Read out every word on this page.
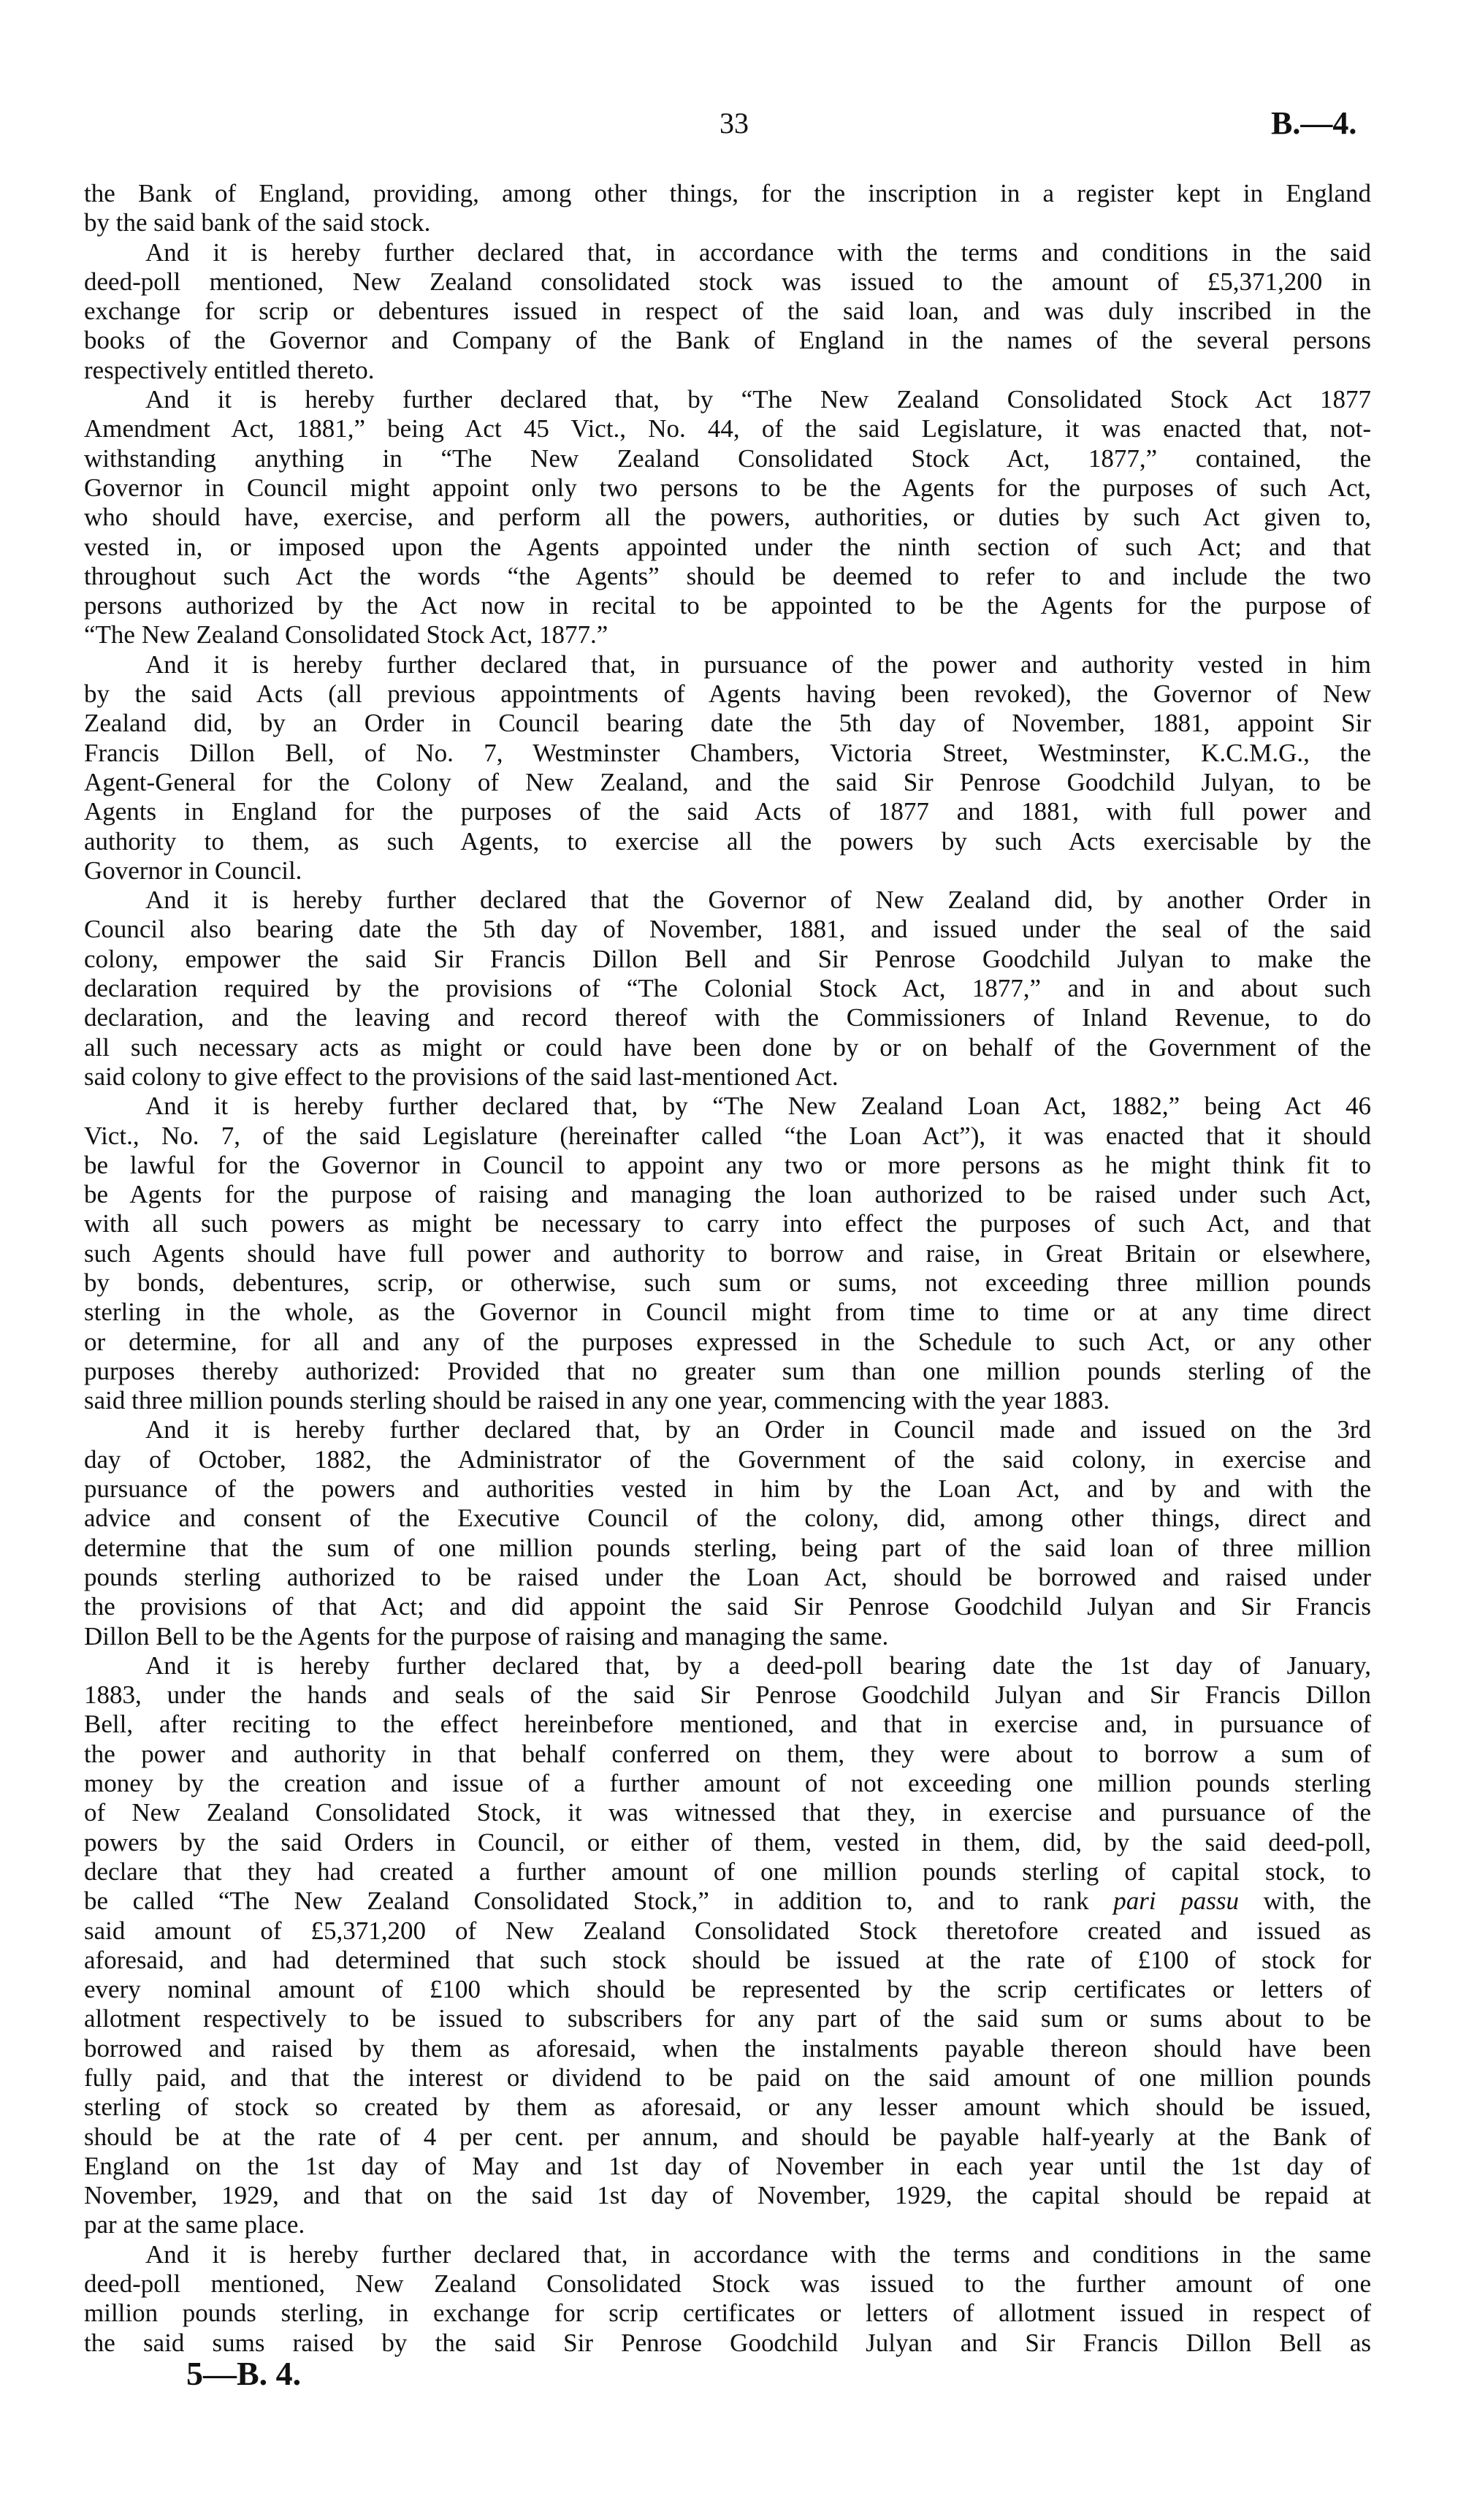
33	B.—4.
the Bank of England, providing, among other things, for the inscription in a register kept in England
by the said bank of the said stock.
And it is hereby further declared that, in accordance with the terms and conditions in the said
deed-poll mentioned, New Zealand consolidated stock was issued to the amount of £5,371,200 in
exchange for scrip or debentures issued in respect of the said loan, and was duly inscribed in the
books of the Governor and Company of the Bank of England in the names of the several persons
respectively entitled thereto.
And it is hereby further declared that, by “The New Zealand Consolidated Stock Act 1877
Amendment Act, 1881,” being Act 45 Vict., No. 44, of the said Legislature, it was enacted that, not-
withstanding anything in “The New Zealand Consolidated Stock Act, 1877,” contained, the
Governor in Council might appoint only two persons to be the Agents for the purposes of such Act,
who should have, exercise, and perform all the powers, authorities, or duties by such Act given to,
vested in, or imposed upon the Agents appointed under the ninth section of such Act; and that
throughout such Act the words “the Agents” should be deemed to refer to and include the two
persons authorized by the Act now in recital to be appointed to be the Agents for the purpose of
“The New Zealand Consolidated Stock Act, 1877.”
And it is hereby further declared that, in pursuance of the power and authority vested in him
by the said Acts (all previous appointments of Agents having been revoked), the Governor of New
Zealand did, by an Order in Council bearing date the 5th day of November, 1881, appoint Sir
Francis Dillon Bell, of No. 7, Westminster Chambers, Victoria Street, Westminster, K.C.M.G., the
Agent-General for the Colony of New Zealand, and the said Sir Penrose Goodchild Julyan, to be
Agents in England for the purposes of the said Acts of 1877 and 1881, with full power and
authority to them, as such Agents, to exercise all the powers by such Acts exercisable by the
Governor in Council.
And it is hereby further declared that the Governor of New Zealand did, by another Order in
Council also bearing date the 5th day of November, 1881, and issued under the seal of the said
colony, empower the said Sir Francis Dillon Bell and Sir Penrose Goodchild Julyan to make the
declaration required by the provisions of “The Colonial Stock Act, 1877,” and in and about such
declaration, and the leaving and record thereof with the Commissioners of Inland Revenue, to do
all such necessary acts as might or could have been done by or on behalf of the Government of the
said colony to give effect to the provisions of the said last-mentioned Act.
And it is hereby further declared that, by “The New Zealand Loan Act, 1882,” being Act 46
Vict., No. 7, of the said Legislature (hereinafter called “the Loan Act”), it was enacted that it should
be lawful for the Governor in Council to appoint any two or more persons as he might think fit to
be Agents for the purpose of raising and managing the loan authorized to be raised under such Act,
with all such powers as might be necessary to carry into effect the purposes of such Act, and that
such Agents should have full power and authority to borrow and raise, in Great Britain or elsewhere,
by bonds, debentures, scrip, or otherwise, such sum or sums, not exceeding three million pounds
sterling in the whole, as the Governor in Council might from time to time or at any time direct
or determine, for all and any of the purposes expressed in the Schedule to such Act, or any other
purposes thereby authorized: Provided that no greater sum than one million pounds sterling of the
said three million pounds sterling should be raised in any one year, commencing with the year 1883.
And it is hereby further declared that, by an Order in Council made and issued on the 3rd
day of October, 1882, the Administrator of the Government of the said colony, in exercise and
pursuance of the powers and authorities vested in him by the Loan Act, and by and with the
advice and consent of the Executive Council of the colony, did, among other things, direct and
determine that the sum of one million pounds sterling, being part of the said loan of three million
pounds sterling authorized to be raised under the Loan Act, should be borrowed and raised under
the provisions of that Act; and did appoint the said Sir Penrose Goodchild Julyan and Sir Francis
Dillon Bell to be the Agents for the purpose of raising and managing the same.
And it is hereby further declared that, by a deed-poll bearing date the 1st day of January,
1883, under the hands and seals of the said Sir Penrose Goodchild Julyan and Sir Francis Dillon
Bell, after reciting to the effect hereinbefore mentioned, and that in exercise and, in pursuance of
the power and authority in that behalf conferred on them, they were about to borrow a sum of
money by the creation and issue of a further amount of not exceeding one million pounds sterling
of New Zealand Consolidated Stock, it was witnessed that they, in exercise and pursuance of the
powers by the said Orders in Council, or either of them, vested in them, did, by the said deed-poll,
declare that they had created a further amount of one million pounds sterling of capital stock, to
be called “The New Zealand Consolidated Stock,” in addition to, and to rank pari passu with, the
said amount of £5,371,200 of New Zealand Consolidated Stock theretofore created and issued as
aforesaid, and had determined that such stock should be issued at the rate of £100 of stock for
every nominal amount of £100 which should be represented by the scrip certificates or letters of
allotment respectively to be issued to subscribers for any part of the said sum or sums about to be
borrowed and raised by them as aforesaid, when the instalments payable thereon should have been
fully paid, and that the interest or dividend to be paid on the said amount of one million pounds
sterling of stock so created by them as aforesaid, or any lesser amount which should be issued,
should be at the rate of 4 per cent. per annum, and should be payable half-yearly at the Bank of
England on the 1st day of May and 1st day of November in each year until the 1st day of
November, 1929, and that on the said 1st day of November, 1929, the capital should be repaid at
par at the same place.
And it is hereby further declared that, in accordance with the terms and conditions in the same
deed-poll mentioned, New Zealand Consolidated Stock was issued to the further amount of one
million pounds sterling, in exchange for scrip certificates or letters of allotment issued in respect of
the said sums raised by the said Sir Penrose Goodchild Julyan and Sir Francis Dillon Bell as
5—B. 4.
